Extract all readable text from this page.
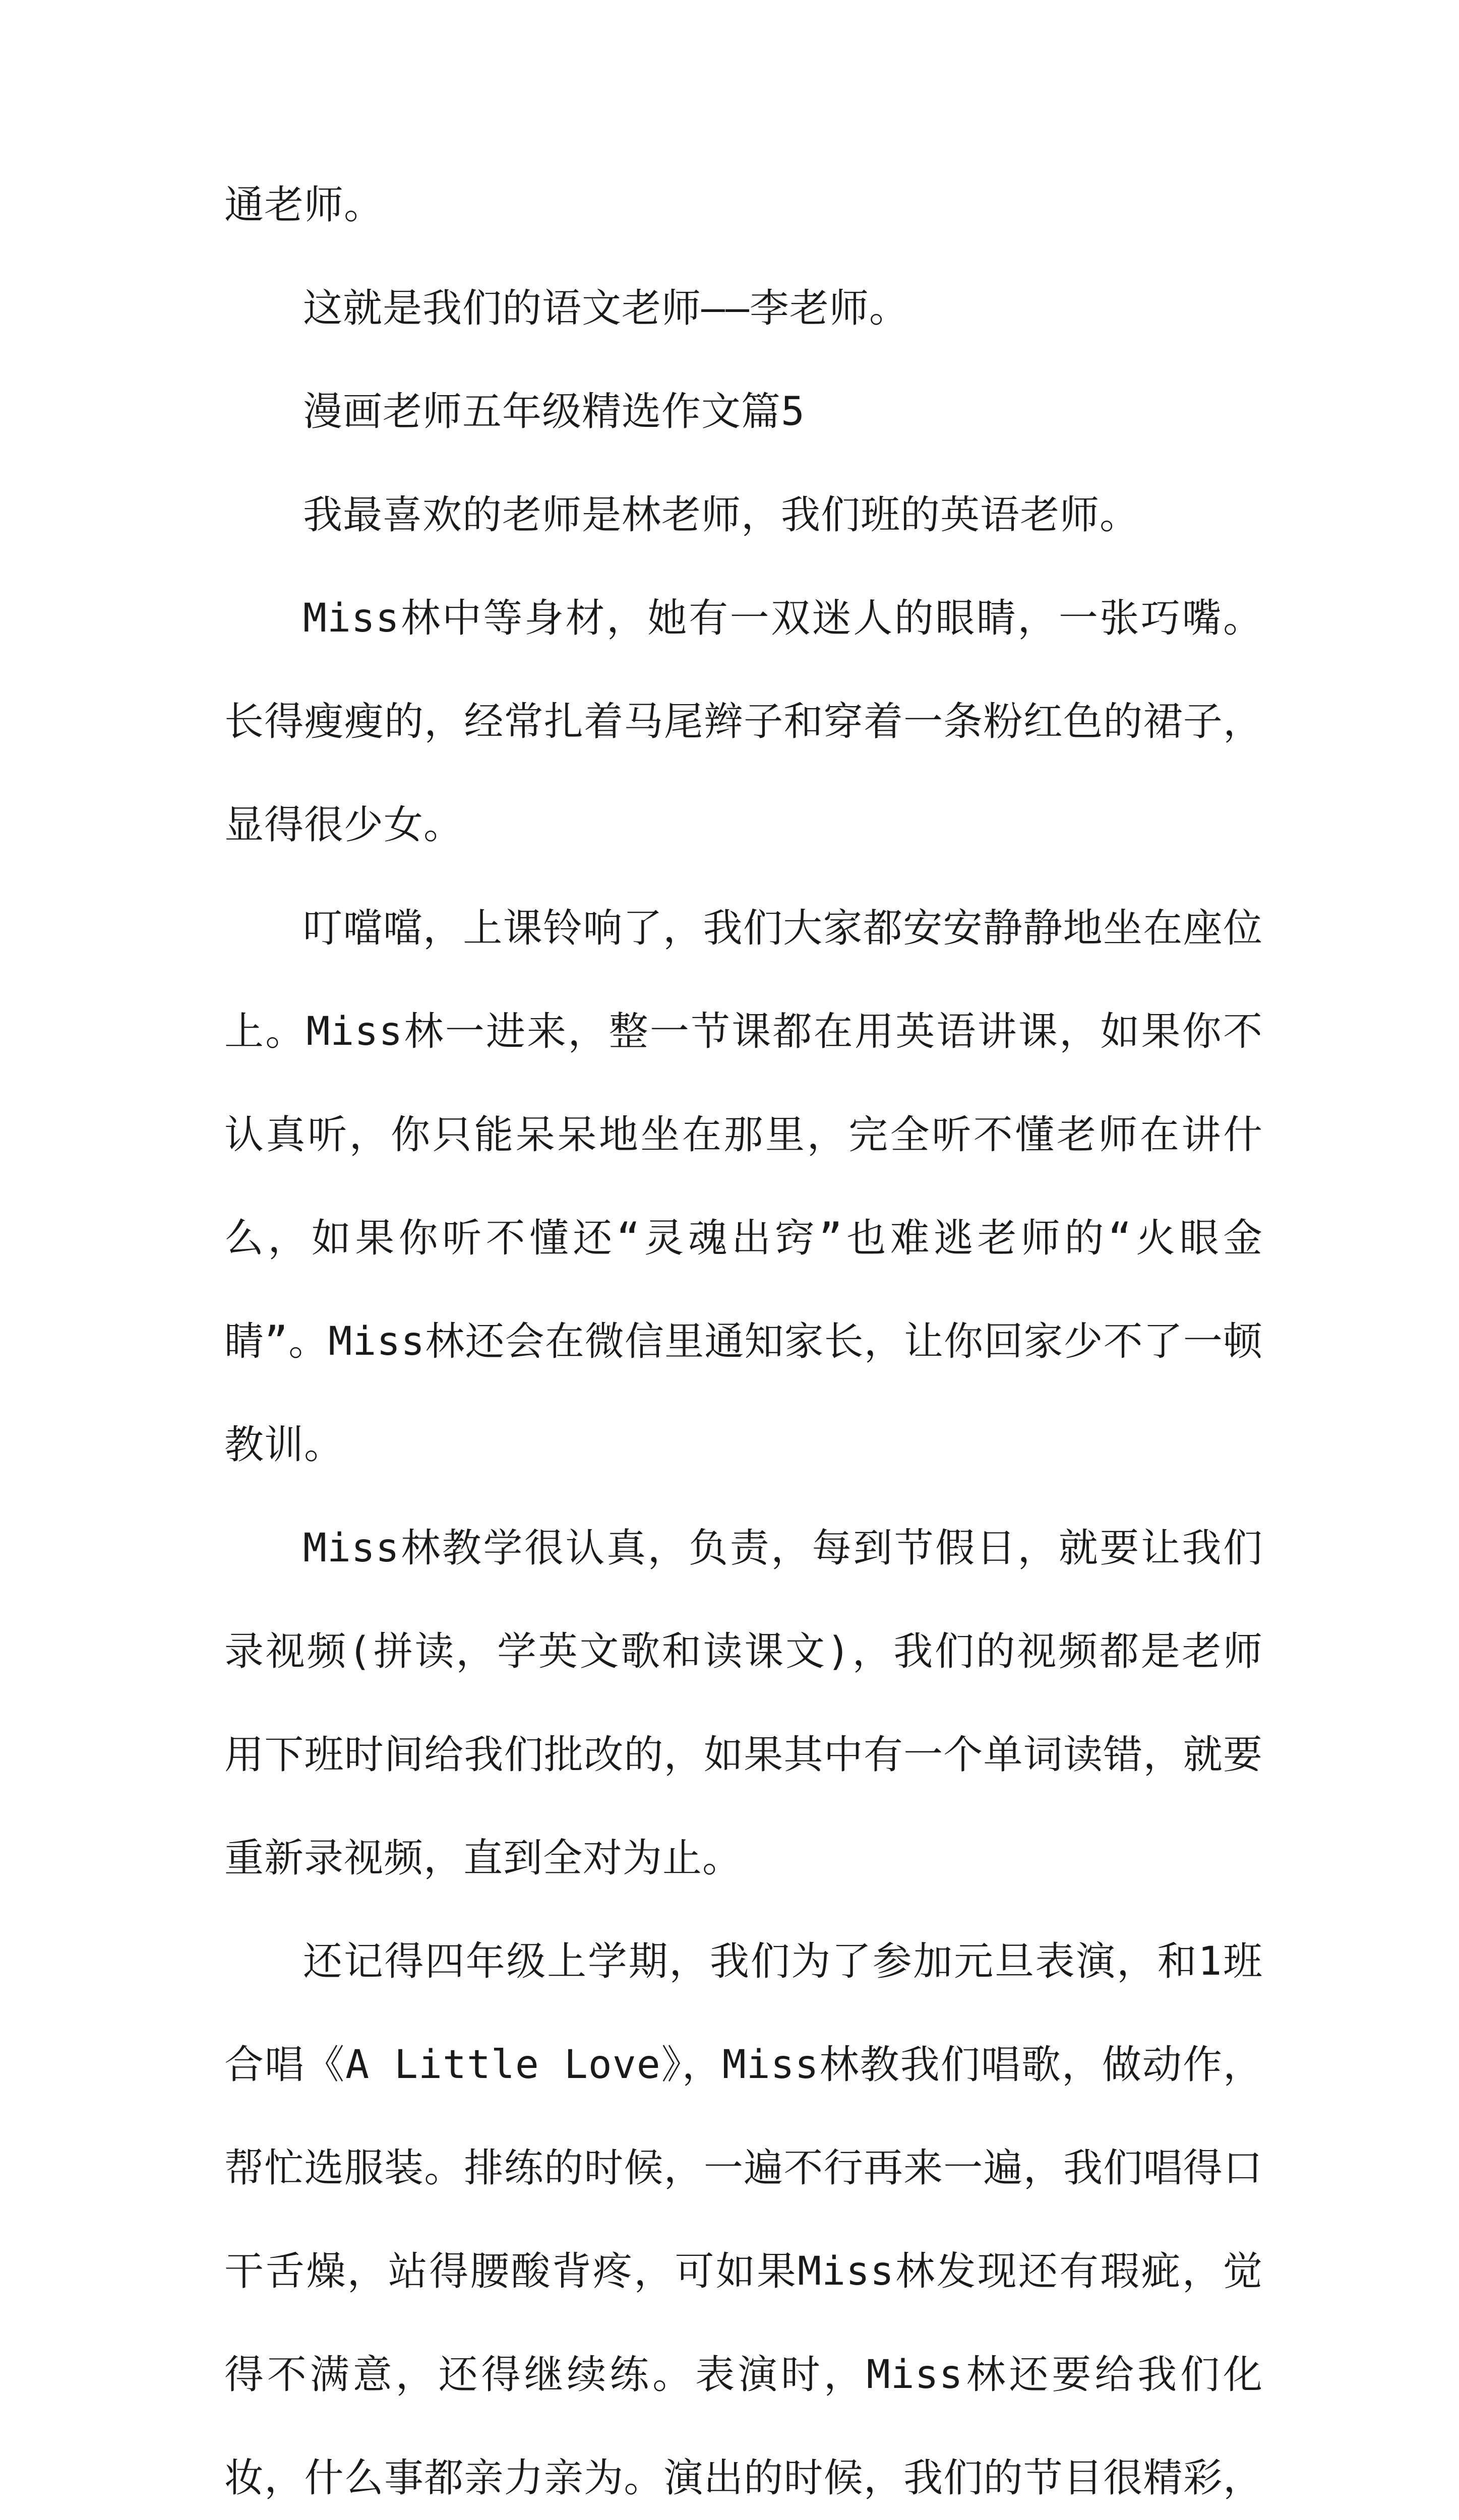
通老师。

这就是我们的语文老师——李老师。

漫画老师五年级精选作文篇5

我最喜欢的老师是林老师，我们班的英语老师。

Miss林中等身材，她有一双迷人的眼睛，一张巧嘴。长得瘦瘦的，经常扎着马尾辫子和穿着一条粉红色的裙子，显得很少女。

叮噹噹，上课铃响了，我们大家都安安静静地坐在座位上。Miss林一进来，整一节课都在用英语讲课，如果你不认真听，你只能呆呆地坐在那里，完全听不懂老师在讲什么，如果你听不懂还“灵魂出窍”也难逃老师的“火眼金睛”。Miss林还会在微信里通知家长，让你回家少不了一顿教训。

Miss林教学很认真，负责，每到节假日，就要让我们录视频(拼读，学英文歌和读课文)，我们的视频都是老师用下班时间给我们批改的，如果其中有一个单词读错，就要重新录视频，直到全对为止。

还记得四年级上学期，我们为了参加元旦表演，和1班合唱《A Little Love》，Miss林教我们唱歌，做动作，帮忙选服装。排练的时候，一遍不行再来一遍，我们唱得口干舌燥，站得腰酸背疼，可如果Miss林发现还有瑕疵，觉得不满意，还得继续练。表演时，Miss林还要给我们化妆，什么事都亲力亲为。演出的时候，我们的节目很精彩，
